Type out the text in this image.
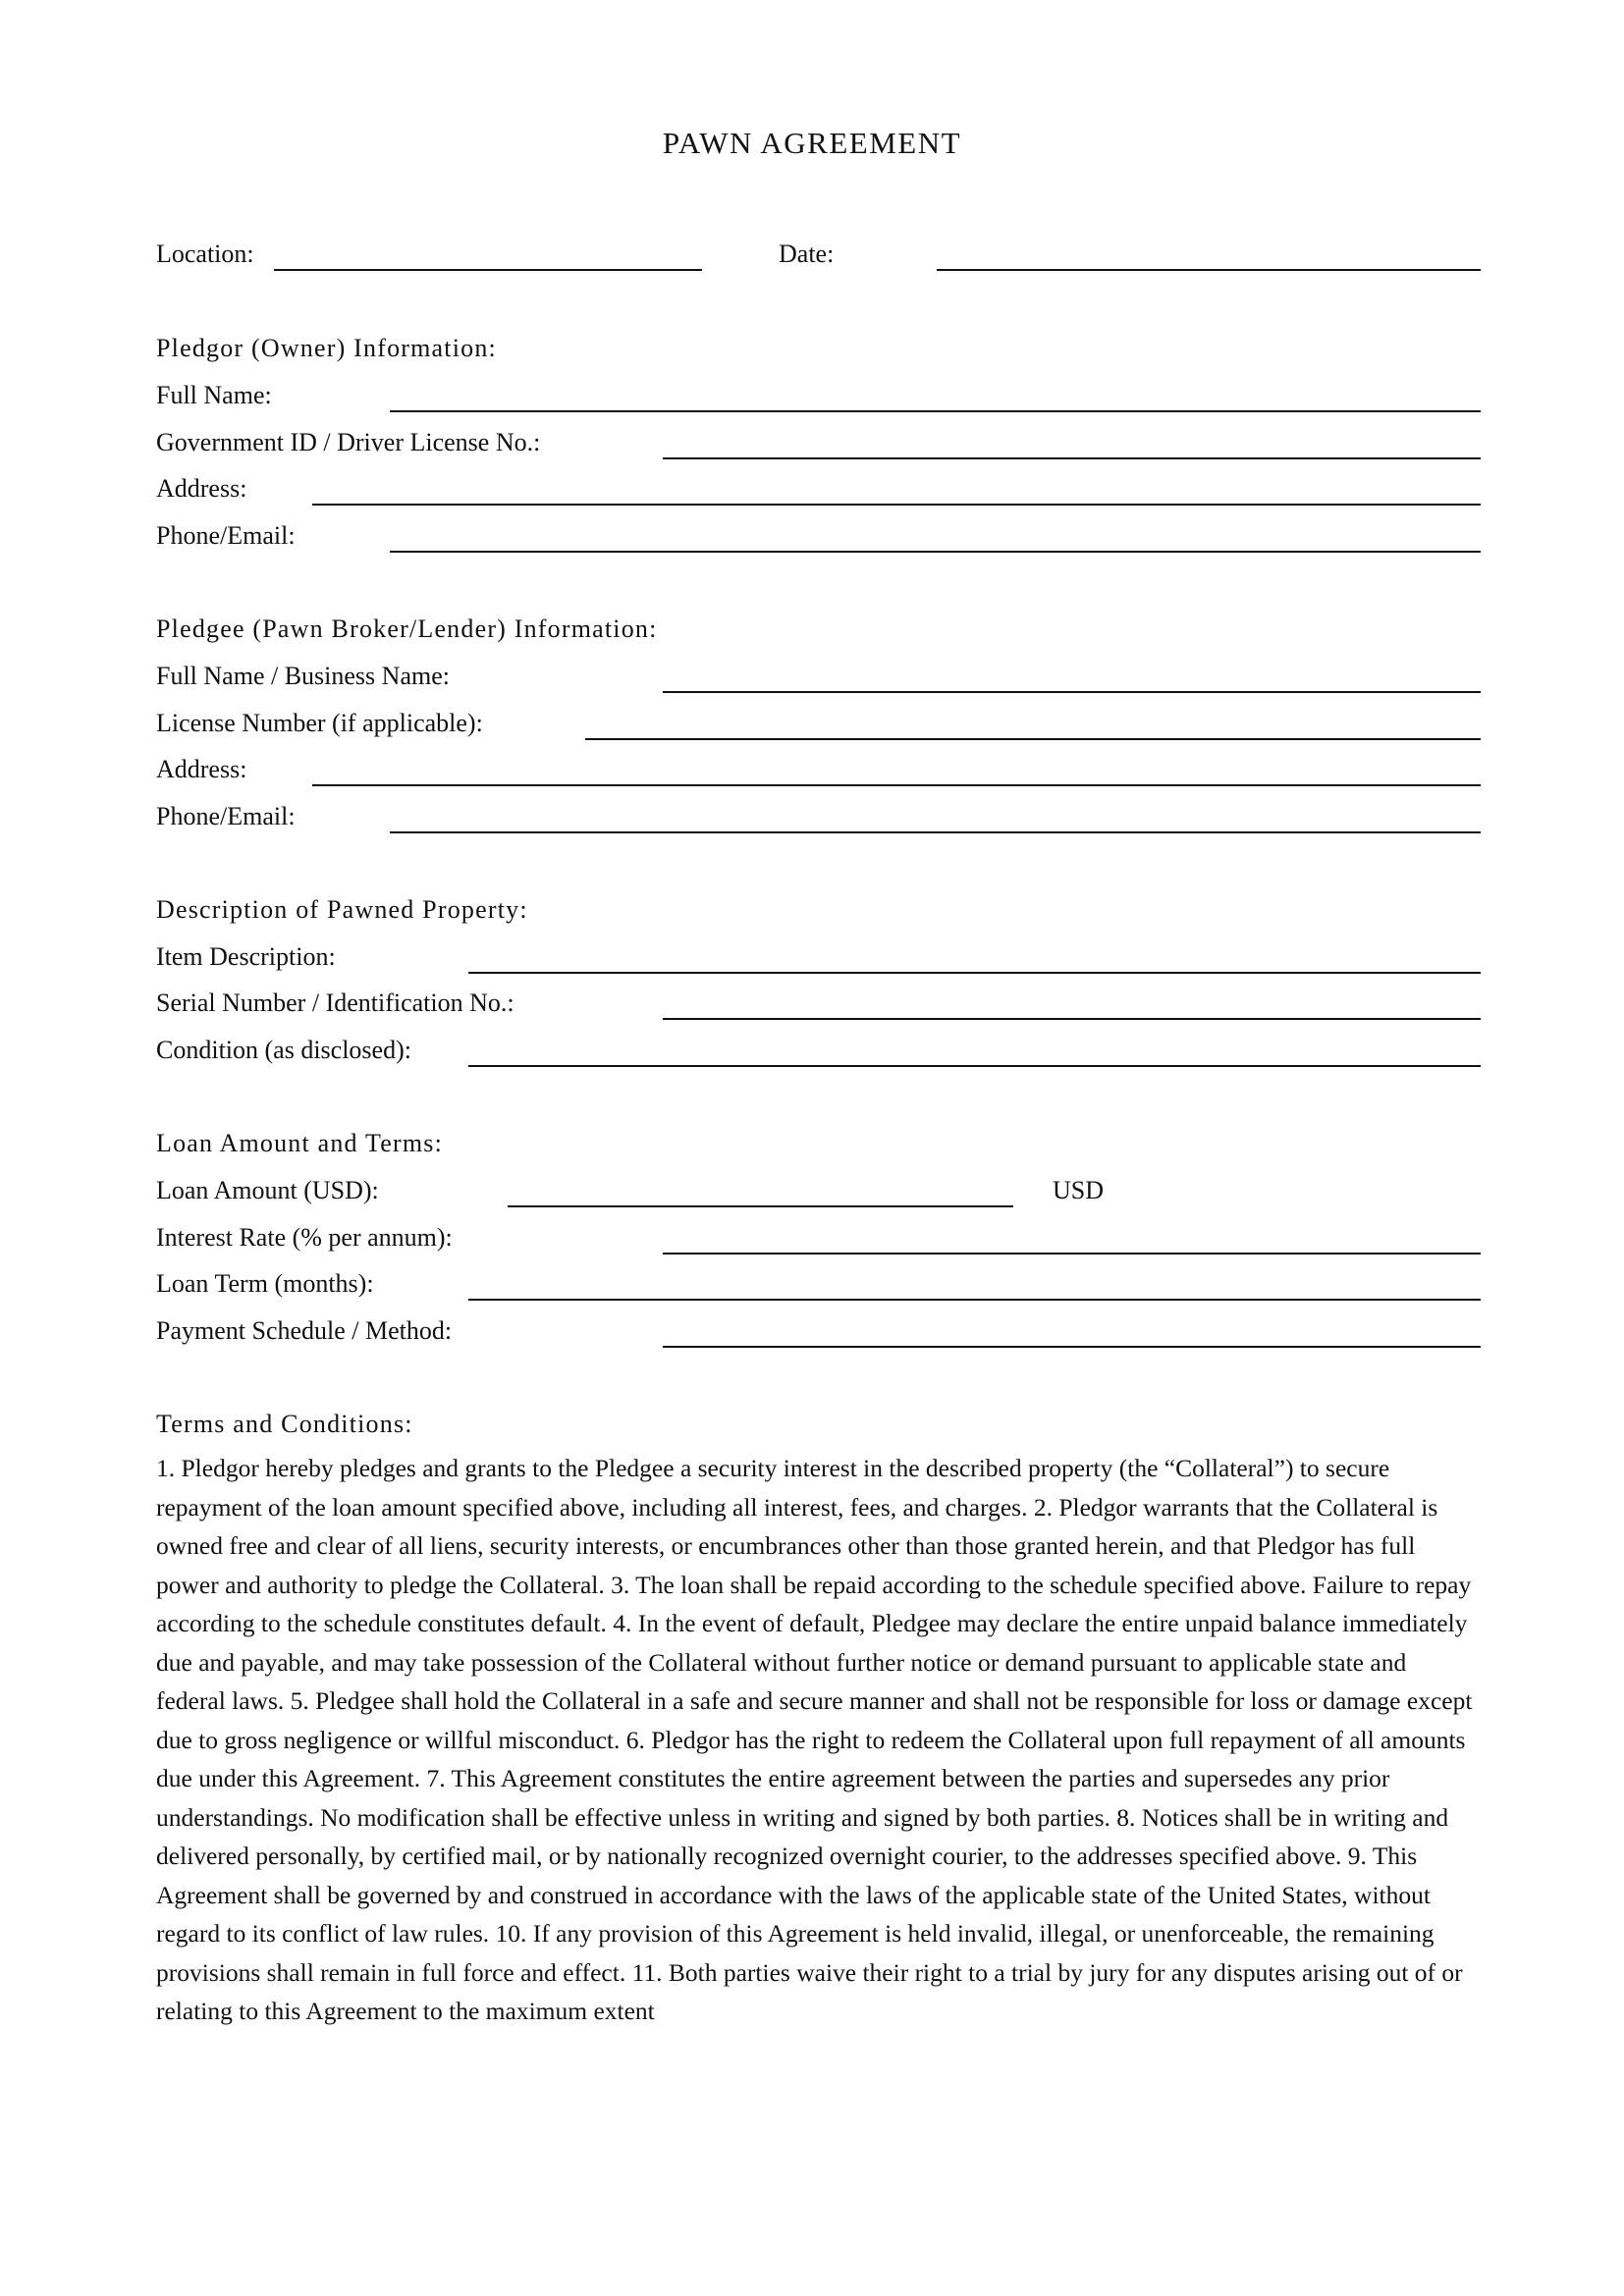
PAWN AGREEMENT
Location:	Date:
Pledgor (Owner) Information:
Full Name:
Government ID / Driver License No.:
Address:
Phone/Email:
Pledgee (Pawn Broker/Lender) Information:
Full Name / Business Name:
License Number (if applicable):
Address:
Phone/Email:
Description of Pawned Property:
Item Description:
Serial Number / Identification No.:
Condition (as disclosed):
Loan Amount and Terms:
Loan Amount (USD):	USD
Interest Rate (% per annum):
Loan Term (months):
Payment Schedule / Method:
Terms and Conditions:

1. Pledgor hereby pledges and grants to the Pledgee a security interest in the described property (the “Collateral”) to secure repayment of the loan amount specified above, including all interest, fees, and charges. 2. Pledgor warrants that the Collateral is owned free and clear of all liens, security interests, or encumbrances other than those granted herein, and that Pledgor has full power and authority to pledge the Collateral. 3. The loan shall be repaid according to the schedule specified above. Failure to repay according to the schedule constitutes default. 4. In the event of default, Pledgee may declare the entire unpaid balance immediately due and payable, and may take possession of the Collateral without further notice or demand pursuant to applicable state and federal laws. 5. Pledgee shall hold the Collateral in a safe and secure manner and shall not be responsible for loss or damage except due to gross negligence or willful misconduct. 6. Pledgor has the right to redeem the Collateral upon full repayment of all amounts due under this Agreement. 7. This Agreement constitutes the entire agreement between the parties and supersedes any prior understandings. No modification shall be effective unless in writing and signed by both parties. 8. Notices shall be in writing and delivered personally, by certified mail, or by nationally recognized overnight courier, to the addresses specified above. 9. This Agreement shall be governed by and construed in accordance with the laws of the applicable state of the United States, without regard to its conflict of law rules. 10. If any provision of this Agreement is held invalid, illegal, or unenforceable, the remaining provisions shall remain in full force and effect. 11. Both parties waive their right to a trial by jury for any disputes arising out of or relating to this Agreement to the maximum extent
